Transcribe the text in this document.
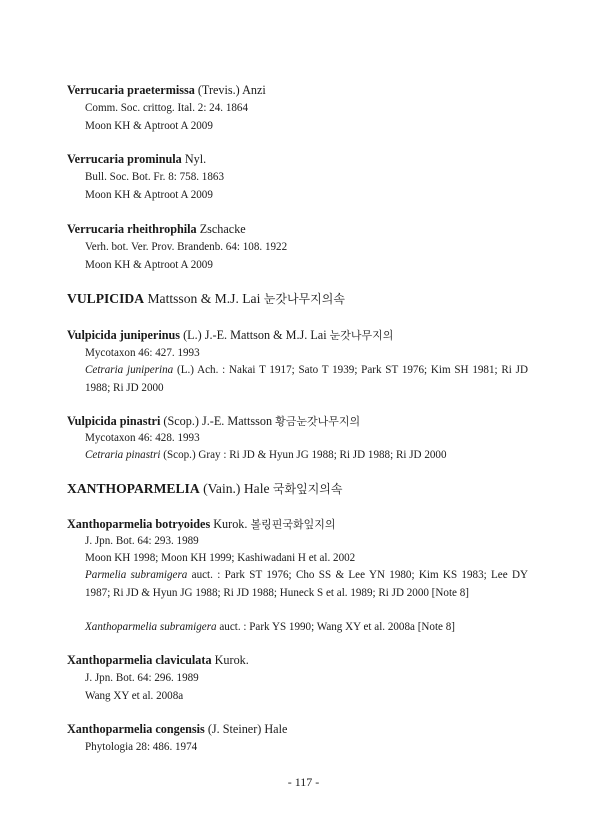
Verrucaria praetermissa (Trevis.) Anzi
Comm. Soc. crittog. Ital. 2: 24. 1864
Moon KH & Aptroot A 2009
Verrucaria prominula Nyl.
Bull. Soc. Bot. Fr. 8: 758. 1863
Moon KH & Aptroot A 2009
Verrucaria rheithrophila Zschacke
Verh. bot. Ver. Prov. Brandenb. 64: 108. 1922
Moon KH & Aptroot A 2009
VULPICIDA Mattsson & M.J. Lai 눈갓나무지의속
Vulpicida juniperinus (L.) J.-E. Mattson & M.J. Lai 눈갓나무지의
Mycotaxon 46: 427. 1993
Cetraria juniperina (L.) Ach. : Nakai T 1917; Sato T 1939; Park ST 1976; Kim SH 1981; Ri JD 1988; Ri JD 2000
Vulpicida pinastri (Scop.) J.-E. Mattsson 황금눈갓나무지의
Mycotaxon 46: 428. 1993
Cetraria pinastri (Scop.) Gray : Ri JD & Hyun JG 1988; Ri JD 1988; Ri JD 2000
XANTHOPARMELIA (Vain.) Hale 국화잎지의속
Xanthoparmelia botryoides Kurok. 볼링핀국화잎지의
J. Jpn. Bot. 64: 293. 1989
Moon KH 1998; Moon KH 1999; Kashiwadani H et al. 2002
Parmelia subramigera auct. : Park ST 1976; Cho SS & Lee YN 1980; Kim KS 1983; Lee DY 1987; Ri JD & Hyun JG 1988; Ri JD 1988; Huneck S et al. 1989; Ri JD 2000 [Note 8]
Xanthoparmelia subramigera auct. : Park YS 1990; Wang XY et al. 2008a [Note 8]
Xanthoparmelia claviculata Kurok.
J. Jpn. Bot. 64: 296. 1989
Wang XY et al. 2008a
Xanthoparmelia congensis (J. Steiner) Hale
Phytologia 28: 486. 1974
- 117 -
